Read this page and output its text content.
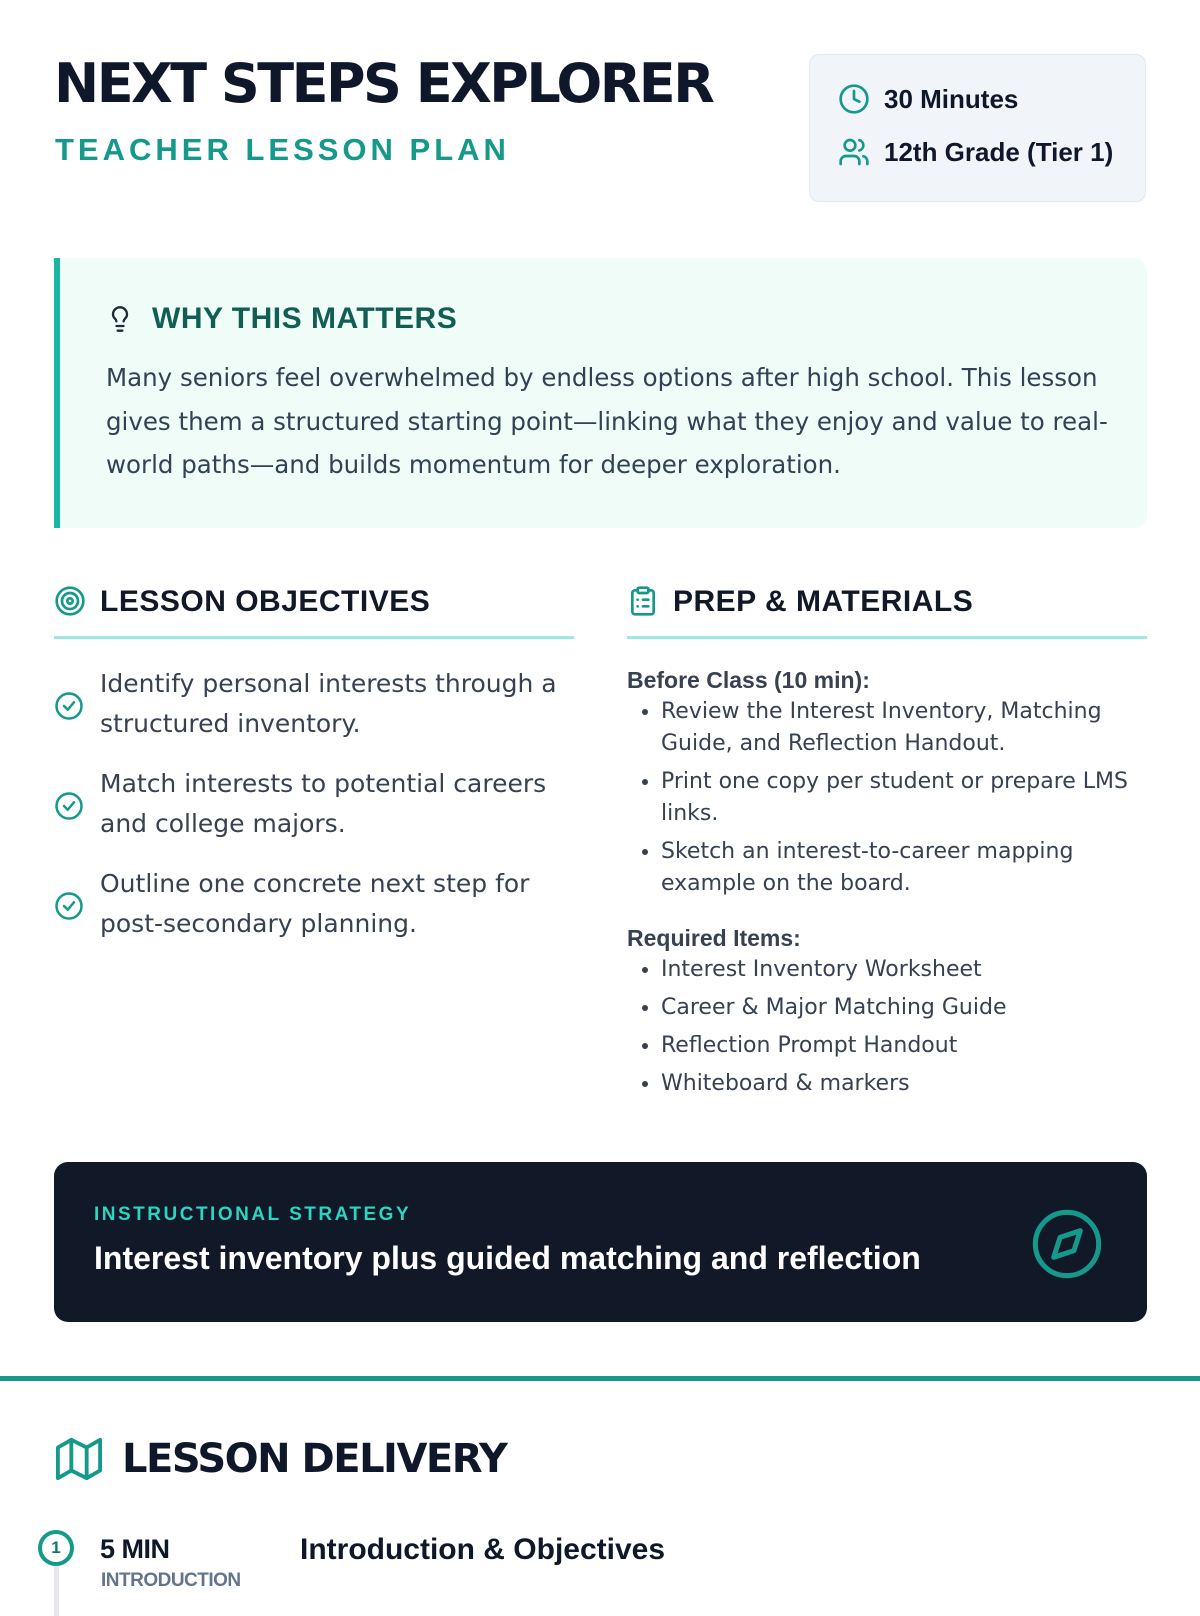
NEXT STEPS EXPLORER
TEACHER LESSON PLAN
30 Minutes
12th Grade (Tier 1)
WHY THIS MATTERS

Many seniors feel overwhelmed by endless options after high school. This lesson gives them a structured starting point—linking what they enjoy and value to real-world paths—and builds momentum for deeper exploration.

LESSON OBJECTIVES
Identify personal interests through a structured inventory.
Match interests to potential careers and college majors.
Outline one concrete next step for post-secondary planning.
PREP & MATERIALS

Before Class (10 min):

• Review the Interest Inventory, Matching Guide, and Reflection Handout.
• Print one copy per student or prepare LMS links.
• Sketch an interest-to-career mapping example on the board.

Required Items:

• Interest Inventory Worksheet
• Career & Major Matching Guide
• Reflection Prompt Handout
• Whiteboard & markers
INSTRUCTIONAL STRATEGY
Interest inventory plus guided matching and reflection
LESSON DELIVERY
1	5 MIN
INTRODUCTION
Introduction & Objectives
